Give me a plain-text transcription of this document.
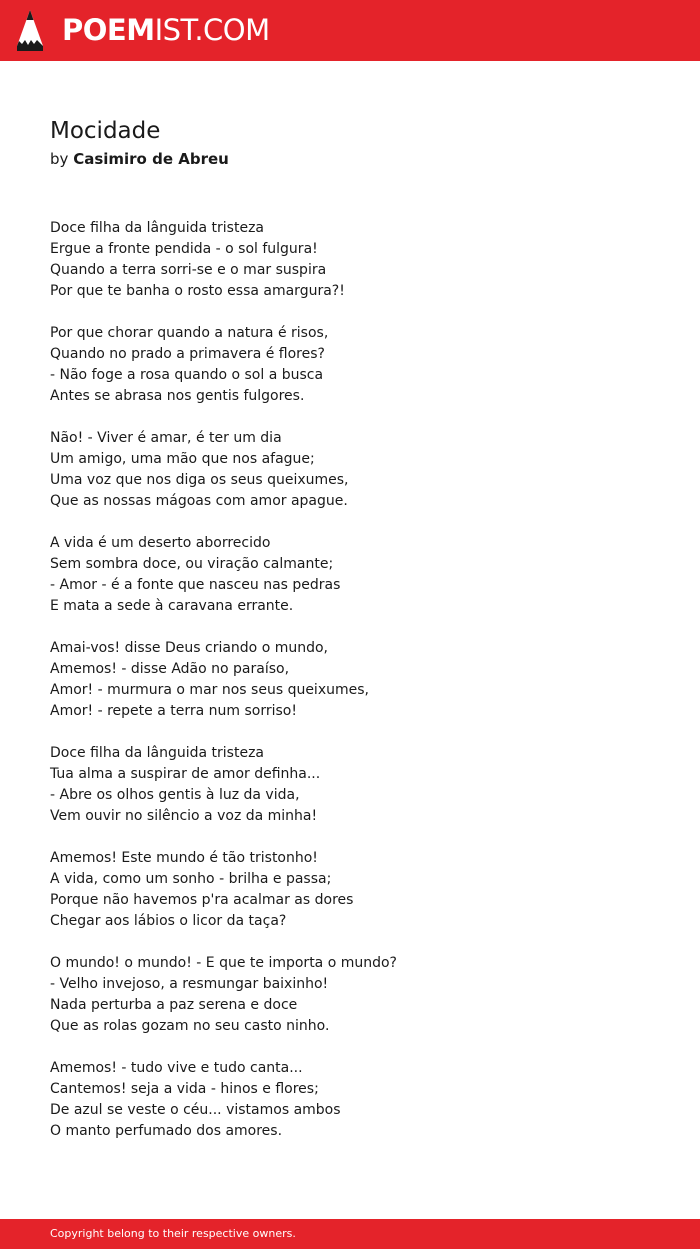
POEMIST.COM
Mocidade
by Casimiro de Abreu
Doce filha da lânguida tristeza
Ergue a fronte pendida - o sol fulgura!
Quando a terra sorri-se e o mar suspira
Por que te banha o rosto essa amargura?!
Por que chorar quando a natura é risos,
Quando no prado a primavera é flores?
- Não foge a rosa quando o sol a busca
Antes se abrasa nos gentis fulgores.
Não! - Viver é amar, é ter um dia
Um amigo, uma mão que nos afague;
Uma voz que nos diga os seus queixumes,
Que as nossas mágoas com amor apague.
A vida é um deserto aborrecido
Sem sombra doce, ou viração calmante;
- Amor - é a fonte que nasceu nas pedras
E mata a sede à caravana errante.
Amai-vos! disse Deus criando o mundo,
Amemos! - disse Adão no paraíso,
Amor! - murmura o mar nos seus queixumes,
Amor! - repete a terra num sorriso!
Doce filha da lânguida tristeza
Tua alma a suspirar de amor definha...
- Abre os olhos gentis à luz da vida,
Vem ouvir no silêncio a voz da minha!
Amemos! Este mundo é tão tristonho!
A vida, como um sonho - brilha e passa;
Porque não havemos p'ra acalmar as dores
Chegar aos lábios o licor da taça?
O mundo! o mundo! - E que te importa o mundo?
- Velho invejoso, a resmungar baixinho!
Nada perturba a paz serena e doce
Que as rolas gozam no seu casto ninho.
Amemos! - tudo vive e tudo canta...
Cantemos! seja a vida - hinos e flores;
De azul se veste o céu... vistamos ambos
O manto perfumado dos amores.
Copyright belong to their respective owners.
